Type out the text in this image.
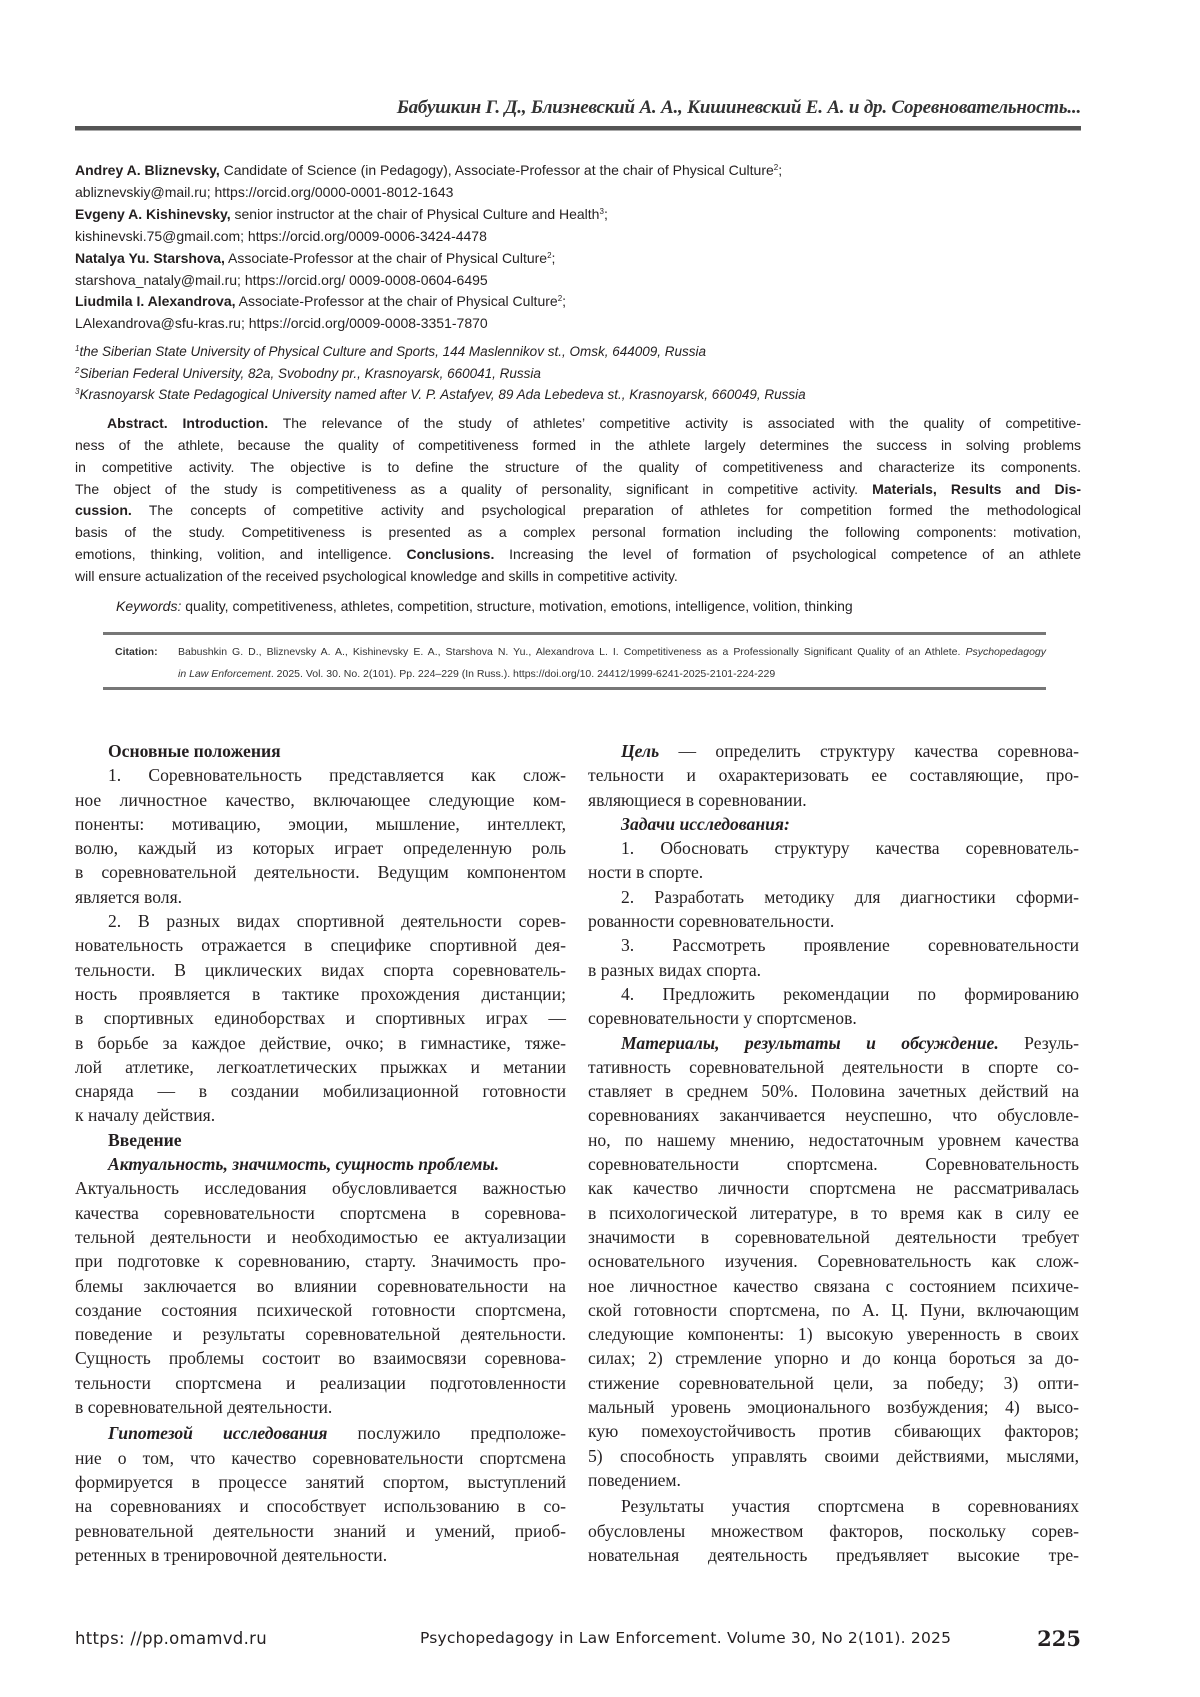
Бабушкин Г. Д., Близневский А. А., Кишиневский Е. А. и др. Соревновательность...
Andrey A. Bliznevsky, Candidate of Science (in Pedagogy), Associate-Professor at the chair of Physical Culture2;
abliznevskiy@mail.ru; https://orcid.org/0000-0001-8012-1643
Evgeny A. Kishinevsky, senior instructor at the chair of Physical Culture and Health3;
kishinevski.75@gmail.com; https://orcid.org/0009-0006-3424-4478
Natalya Yu. Starshova, Associate-Professor at the chair of Physical Culture2;
starshova_nataly@mail.ru; https://orcid.org/ 0009-0008-0604-6495
Liudmila I. Alexandrova, Associate-Professor at the chair of Physical Culture2;
LAlexandrova@sfu-kras.ru; https://orcid.org/0009-0008-3351-7870
1the Siberian State University of Physical Culture and Sports, 144 Maslennikov st., Omsk, 644009, Russia
2Siberian Federal University, 82a, Svobodny pr., Krasnoyarsk, 660041, Russia
3Krasnoyarsk State Pedagogical University named after V. P. Astafyev, 89 Ada Lebedeva st., Krasnoyarsk, 660049, Russia
Abstract. Introduction. The relevance of the study of athletes’ competitive activity is associated with the quality of competitive-
ness of the athlete, because the quality of competitiveness formed in the athlete largely determines the success in solving problems
in competitive activity. The objective is to define the structure of the quality of competitiveness and characterize its components.
The object of the study is competitiveness as a quality of personality, significant in competitive activity. Materials, Results and Dis-
cussion. The concepts of competitive activity and psychological preparation of athletes for competition formed the methodological
basis of the study. Competitiveness is presented as a complex personal formation including the following components: motivation,
emotions, thinking, volition, and intelligence. Conclusions. Increasing the level of formation of psychological competence of an athlete
will ensure actualization of the received psychological knowledge and skills in competitive activity.
Keywords: quality, competitiveness, athletes, competition, structure, motivation, emotions, intelligence, volition, thinking
Citation: Babushkin G. D., Bliznevsky A. A., Kishinevsky E. A., Starshova N. Yu., Alexandrova L. I. Competitiveness as a Professionally Significant Quality of an Athlete. Psychopedagogy
in Law Enforcement. 2025. Vol. 30. No. 2(101). Pp. 224–229 (In Russ.). https://doi.org/10. 24412/1999-6241-2025-2101-224-229
Основные положения
1. Соревновательность представляется как слож-
ное личностное качество, включающее следующие ком-
поненты: мотивацию, эмоции, мышление, интеллект,
волю, каждый из которых играет определенную роль
в соревновательной деятельности. Ведущим компонентом
является воля.
2. В разных видах спортивной деятельности сорев-
новательность отражается в специфике спортивной дея-
тельности. В циклических видах спорта соревнователь-
ность проявляется в тактике прохождения дистанции;
в спортивных единоборствах и спортивных играх —
в борьбе за каждое действие, очко; в гимнастике, тяже-
лой атлетике, легкоатлетических прыжках и метании
снаряда — в создании мобилизационной готовности
к началу действия.
Введение
Актуальность, значимость, сущность проблемы.
Актуальность исследования обусловливается важностью
качества соревновательности спортсмена в соревнова-
тельной деятельности и необходимостью ее актуализации
при подготовке к соревнованию, старту. Значимость про-
блемы заключается во влиянии соревновательности на
создание состояния психической готовности спортсмена,
поведение и результаты соревновательной деятельности.
Сущность проблемы состоит во взаимосвязи соревнова-
тельности спортсмена и реализации подготовленности
в соревновательной деятельности.
Гипотезой исследования послужило предположе-
ние о том, что качество соревновательности спортсмена
формируется в процессе занятий спортом, выступлений
на соревнованиях и способствует использованию в со-
ревновательной деятельности знаний и умений, приоб-
ретенных в тренировочной деятельности.
Цель — определить структуру качества соревнова-
тельности и охарактеризовать ее составляющие, про-
являющиеся в соревновании.
Задачи исследования:
1. Обосновать структуру качества соревнователь-
ности в спорте.
2. Разработать методику для диагностики сформи-
рованности соревновательности.
3. Рассмотреть проявление соревновательности
в разных видах спорта.
4. Предложить рекомендации по формированию
соревновательности у спортсменов.
Материалы, результаты и обсуждение. Резуль-
тативность соревновательной деятельности в спорте со-
ставляет в среднем 50%. Половина зачетных действий на
соревнованиях заканчивается неуспешно, что обусловле-
но, по нашему мнению, недостаточным уровнем качества
соревновательности спортсмена. Соревновательность
как качество личности спортсмена не рассматривалась
в психологической литературе, в то время как в силу ее
значимости в соревновательной деятельности требует
основательного изучения. Соревновательность как слож-
ное личностное качество связана с состоянием психиче-
ской готовности спортсмена, по А. Ц. Пуни, включающим
следующие компоненты: 1) высокую уверенность в своих
силах; 2) стремление упорно и до конца бороться за до-
стижение соревновательной цели, за победу; 3) опти-
мальный уровень эмоционального возбуждения; 4) высо-
кую помехоустойчивость против сбивающих факторов;
5) способность управлять своими действиями, мыслями,
поведением.
Результаты участия спортсмена в соревнованиях
обусловлены множеством факторов, поскольку сорев-
новательная деятельность предъявляет высокие тре-
https: //pp.omamvd.ru	Psychopedagogy in Law Enforcement. Volume 30, No 2(101). 2025	225
